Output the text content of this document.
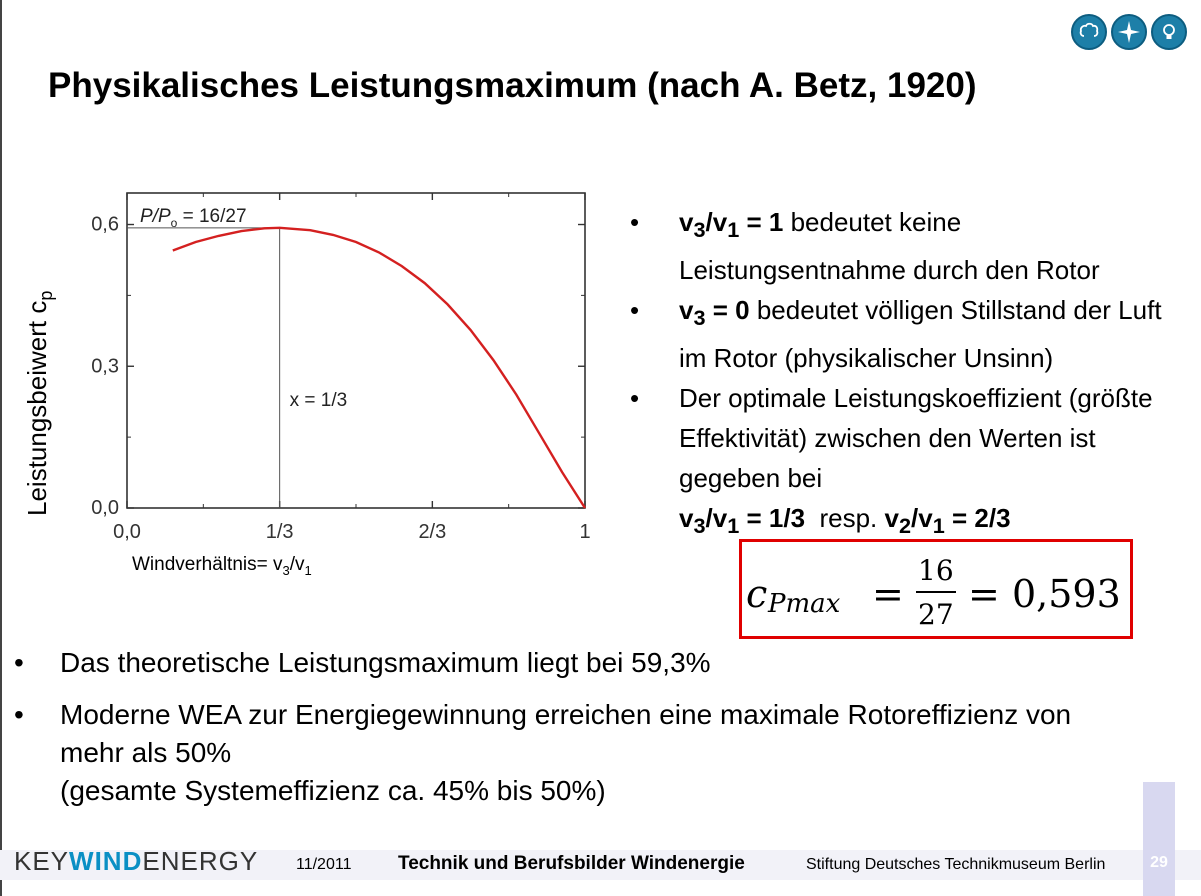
Physikalisches Leistungsmaximum (nach A. Betz, 1920)
0,0	1/3	2/3	1
0,0
0,3
0,6 $P/P_o = 16/27$
x = 1/3
Leistungsbeiwert $c_p$
Windverhältnis= $v_3/v_1$
•	$v_3/v_1 = 1$ bedeutet keine Leistungsentnahme durch den Rotor
•	$v_3 = 0$ bedeutet völligen Stillstand der Luft im Rotor (physikalischer Unsinn)
•	Der optimale Leistungskoeffizient (größte Effektivität) zwischen den Werten ist gegeben bei
$v_3/v_1 = 1/3$  resp. $v_2/v_1 = 2/3$
c Pmax =
16
27 = 0,593
•	Das theoretische Leistungsmaximum liegt bei 59,3%
•	Moderne WEA zur Energiegewinnung erreichen eine maximale Rotoreffizienz von mehr als 50%
(gesamte Systemeffizienz ca. 45% bis 50%)
29
KEYWINDENERGY 11/2011 Technik und Berufsbilder Windenergie	Stiftung Deutsches Technikmuseum Berlin
